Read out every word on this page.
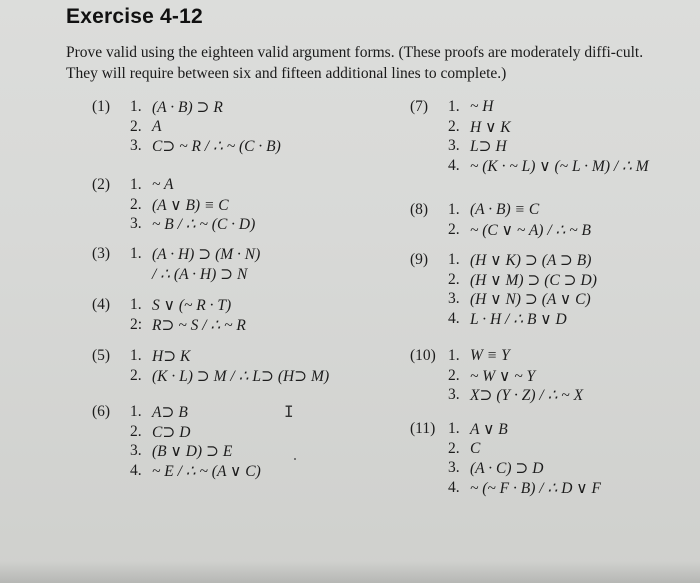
Exercise 4-12
Prove valid using the eighteen valid argument forms. (These proofs are moderately diffi-cult. They will require between six and fifteen additional lines to complete.)
(1) 1. (A · B) ⊃ R
2. A
3. C⊃ ~ R / ∴ ~ (C · B)
(2) 1. ~ A
2. (A ∨ B) ≡ C
3. ~ B / ∴ ~ (C · D)
(3) 1. (A · H) ⊃ (M · N)
/ ∴ (A · H) ⊃ N
(4) 1. S ∨ (~ R · T)
2: R⊃ ~ S / ∴ ~ R
(5) 1. H⊃ K
2. (K · L) ⊃ M / ∴ L⊃ (H⊃ M)
(6) 1. A⊃ B
2. C⊃ D
3. (B ∨ D) ⊃ E
4. ~ E / ∴ ~ (A ∨ C)
(7) 1. ~ H
2. H ∨ K
3. L⊃ H
4. ~ (K · ~ L) ∨ (~ L · M) / ∴ M
(8) 1. (A · B) ≡ C
2. ~ (C ∨ ~ A) / ∴ ~ B
(9) 1. (H ∨ K) ⊃ (A ⊃ B)
2. (H ∨ M) ⊃ (C ⊃ D)
3. (H ∨ N) ⊃ (A ∨ C)
4. L · H / ∴ B ∨ D
(10) 1. W ≡ Y
2. ~ W ∨ ~ Y
3. X⊃ (Y · Z) / ∴ ~ X
(11) 1. A ∨ B
2. C
3. (A · C) ⊃ D
4. ~ (~ F · B) / ∴ D ∨ F
I
